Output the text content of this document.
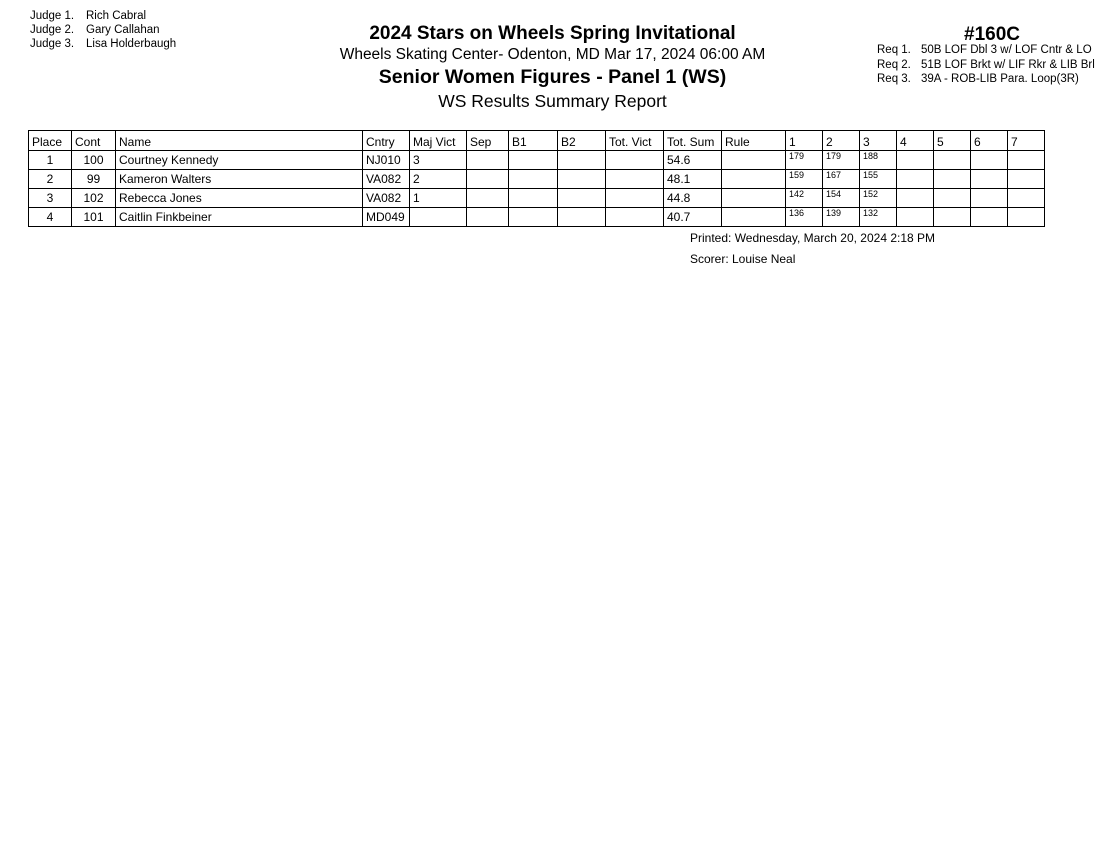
Judge 1. Rich Cabral
Judge 2. Gary Callahan
Judge 3. Lisa Holderbaugh	2024 Stars on Wheels Spring Invitational
Wheels Skating Center- Odenton, MD Mar 17, 2024 06:00 AM
Senior Women Figures - Panel 1 (WS)
WS Results Summary Report
#160C
Req 1. 50B LOF Dbl 3 w/ LOF Cntr & LO
Req 2. 51B LOF Brkt w/ LIF Rkr & LIB Brl
Req 3. 39A - ROB-LIB Para. Loop(3R)
Place	Cont	Name	Cntry	Maj Vict	Sep	B1	B2	Tot. Vict	Tot. Sum	Rule	1	2	3	4	5	6	7
1	100	Courtney Kennedy	NJ010	3					54.6		179	179	188				
2	99	Kameron Walters	VA082	2					48.1		159	167	155				
3	102	Rebecca Jones	VA082	1					44.8		142	154	152				
4	101	Caitlin Finkbeiner	MD049						40.7		136	139	132				
Printed: Wednesday, March 20, 2024 2:18 PM
Scorer: Louise Neal
